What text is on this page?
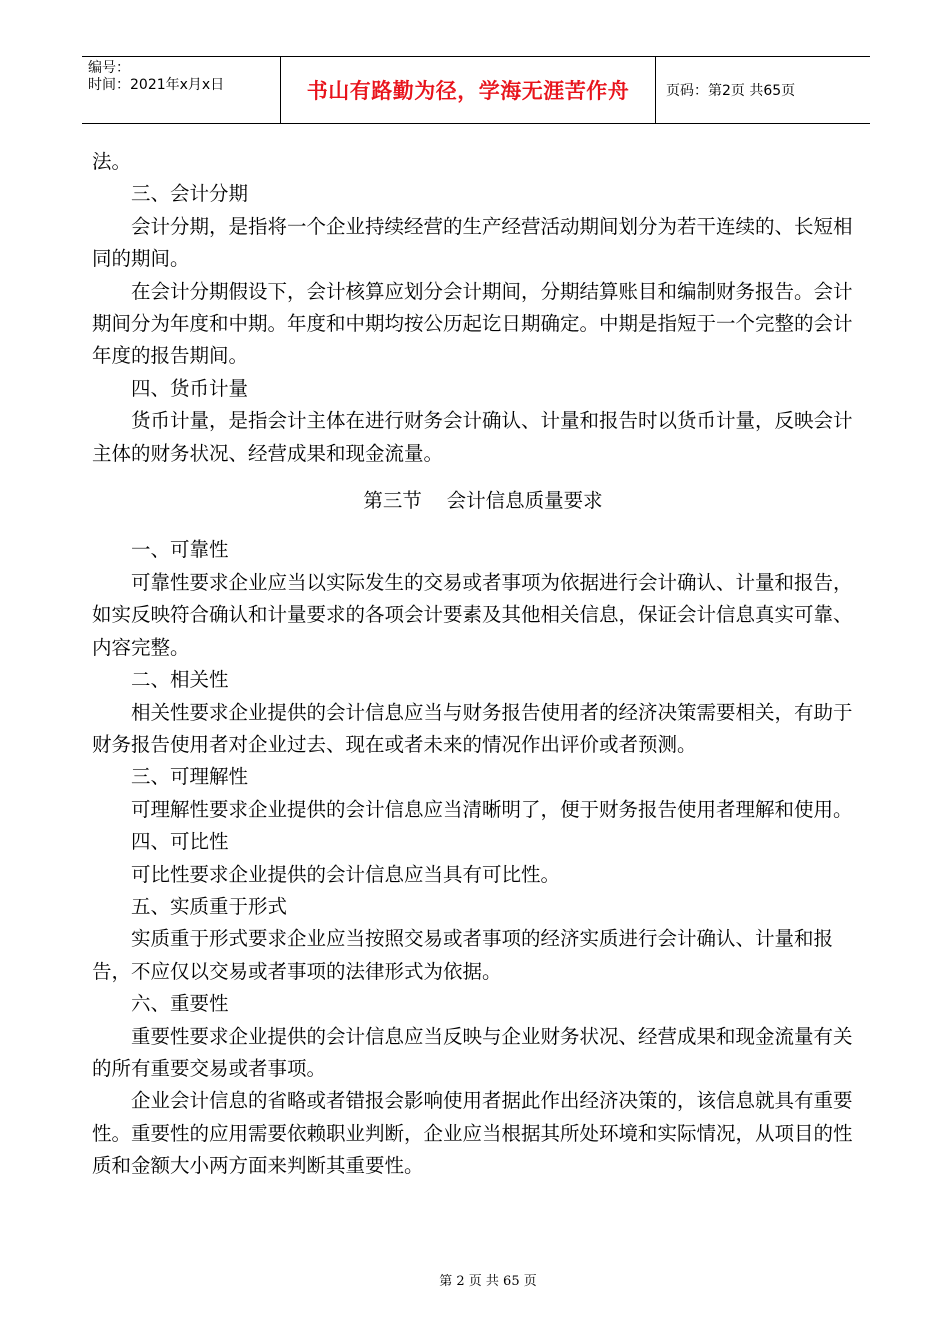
编号：
时间：2021年x月x日	书山有路勤为径，学海无涯苦作舟	页码：第2页 共65页

法。

三、会计分期

会计分期，是指将一个企业持续经营的生产经营活动期间划分为若干连续的、长短相同的期间。

在会计分期假设下，会计核算应划分会计期间，分期结算账目和编制财务报告。会计期间分为年度和中期。年度和中期均按公历起讫日期确定。中期是指短于一个完整的会计年度的报告期间。

四、货币计量

货币计量，是指会计主体在进行财务会计确认、计量和报告时以货币计量，反映会计主体的财务状况、经营成果和现金流量。

第三节    会计信息质量要求

一、可靠性

可靠性要求企业应当以实际发生的交易或者事项为依据进行会计确认、计量和报告，如实反映符合确认和计量要求的各项会计要素及其他相关信息，保证会计信息真实可靠、内容完整。

二、相关性

相关性要求企业提供的会计信息应当与财务报告使用者的经济决策需要相关，有助于财务报告使用者对企业过去、现在或者未来的情况作出评价或者预测。

三、可理解性

可理解性要求企业提供的会计信息应当清晰明了，便于财务报告使用者理解和使用。

四、可比性

可比性要求企业提供的会计信息应当具有可比性。

五、实质重于形式

实质重于形式要求企业应当按照交易或者事项的经济实质进行会计确认、计量和报告，不应仅以交易或者事项的法律形式为依据。

六、重要性

重要性要求企业提供的会计信息应当反映与企业财务状况、经营成果和现金流量有关的所有重要交易或者事项。

企业会计信息的省略或者错报会影响使用者据此作出经济决策的，该信息就具有重要性。重要性的应用需要依赖职业判断，企业应当根据其所处环境和实际情况，从项目的性质和金额大小两方面来判断其重要性。

第 2 页 共 65 页
